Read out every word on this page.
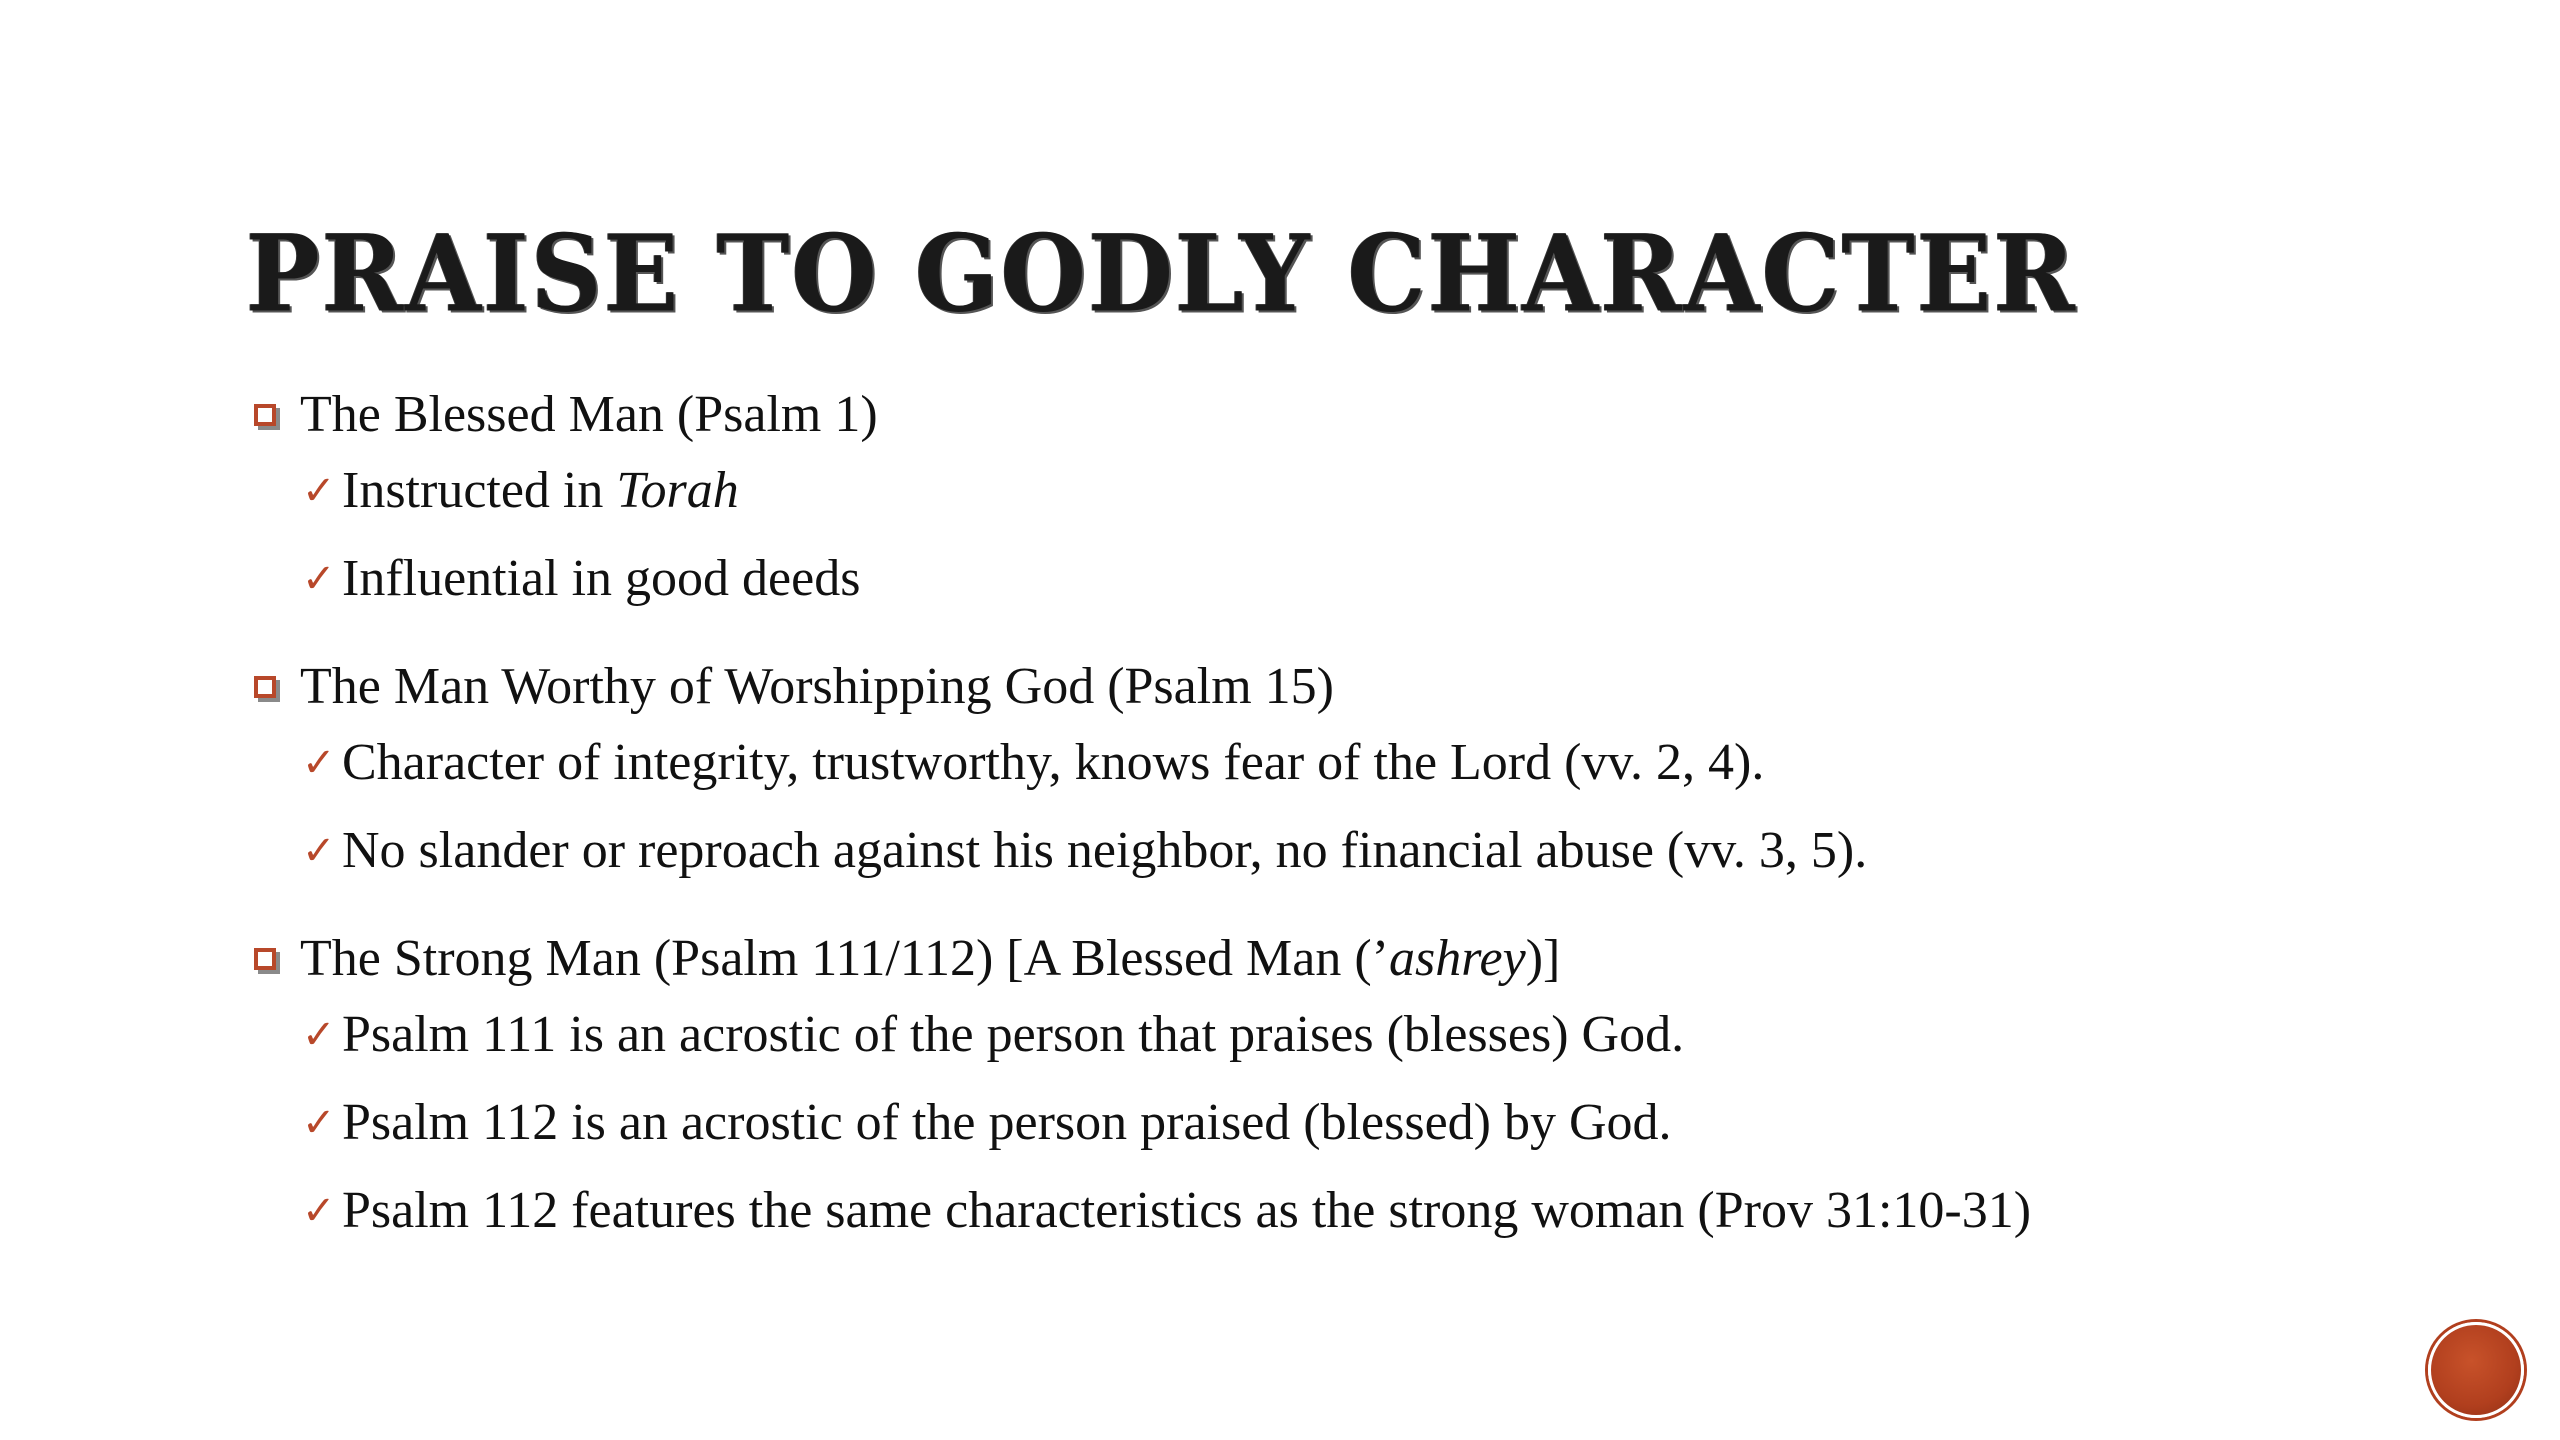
PRAISE TO GODLY CHARACTER
The Blessed Man (Psalm 1)
✓ Instructed in Torah
✓ Influential in good deeds
The Man Worthy of Worshipping God (Psalm 15)
✓ Character of integrity, trustworthy, knows fear of the Lord (vv. 2, 4).
✓ No slander or reproach against his neighbor, no financial abuse (vv. 3, 5).
The Strong Man (Psalm 111/112) [A Blessed Man (’ashrey)]
✓ Psalm 111 is an acrostic of the person that praises (blesses) God.
✓ Psalm 112 is an acrostic of the person praised (blessed) by God.
✓ Psalm 112 features the same characteristics as the strong woman (Prov 31:10-31)
